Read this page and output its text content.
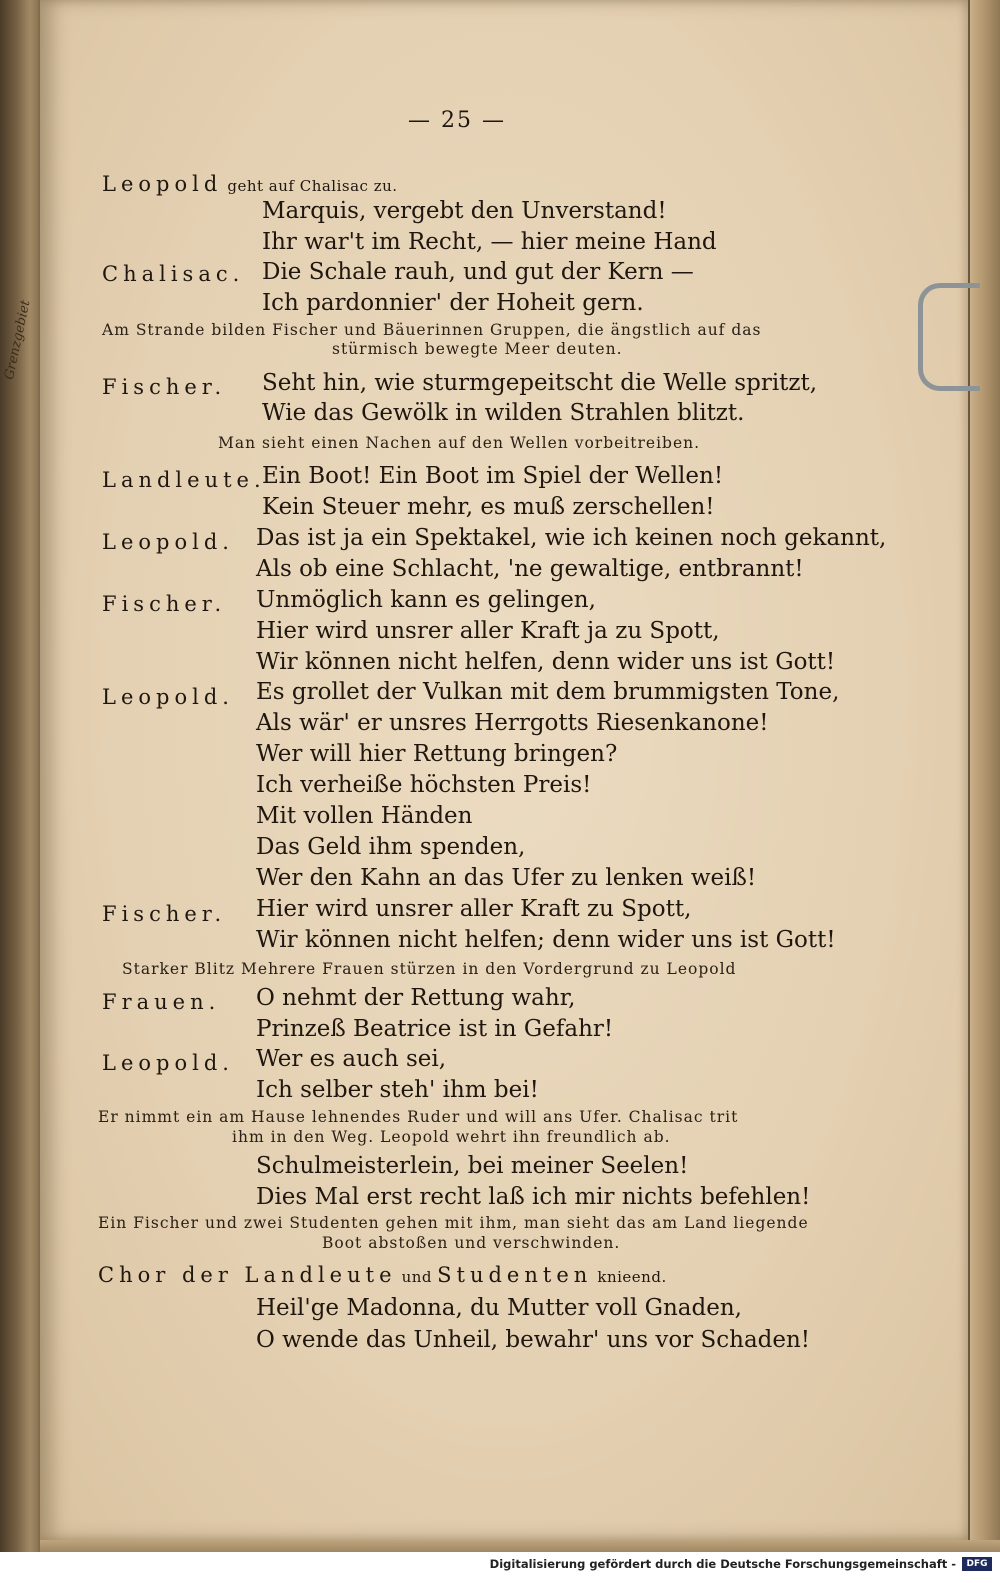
Grenzgebiet
— 25 —
Leopold geht auf Chalisac zu.
Marquis, vergebt den Unverstand!
Ihr war't im Recht, — hier meine Hand
Chalisac. Die Schale rauh, und gut der Kern —
Ich pardonnier' der Hoheit gern.
Am Strande bilden Fischer und Bäuerinnen Gruppen, die ängstlich auf das
stürmisch bewegte Meer deuten.
Fischer. Seht hin, wie sturmgepeitscht die Welle spritzt,
Wie das Gewölk in wilden Strahlen blitzt.
Man sieht einen Nachen auf den Wellen vorbeitreiben.
Landleute.
Ein Boot! Ein Boot im Spiel der Wellen!
Kein Steuer mehr, es muß zerschellen!
Leopold. Das ist ja ein Spektakel, wie ich keinen noch gekannt,
Als ob eine Schlacht, 'ne gewaltige, entbrannt!
Fischer. Unmöglich kann es gelingen,
Hier wird unsrer aller Kraft ja zu Spott,
Wir können nicht helfen, denn wider uns ist Gott!
Leopold. Es grollet der Vulkan mit dem brummigsten Tone,
Als wär' er unsres Herrgotts Riesenkanone!
Wer will hier Rettung bringen?
Ich verheiße höchsten Preis!
Mit vollen Händen
Das Geld ihm spenden,
Wer den Kahn an das Ufer zu lenken weiß!
Fischer. Hier wird unsrer aller Kraft zu Spott,
Wir können nicht helfen; denn wider uns ist Gott!
Starker Blitz Mehrere Frauen stürzen in den Vordergrund zu Leopold
Frauen. O nehmt der Rettung wahr,
Prinzeß Beatrice ist in Gefahr!
Leopold. Wer es auch sei,
Ich selber steh' ihm bei!
Er nimmt ein am Hause lehnendes Ruder und will ans Ufer. Chalisac trit
ihm in den Weg. Leopold wehrt ihn freundlich ab.
Schulmeisterlein, bei meiner Seelen!
Dies Mal erst recht laß ich mir nichts befehlen!
Ein Fischer und zwei Studenten gehen mit ihm, man sieht das am Land liegende
Boot abstoßen und verschwinden.
Chor der Landleute und Studenten knieend.
Heil'ge Madonna, du Mutter voll Gnaden,
O wende das Unheil, bewahr' uns vor Schaden!
Digitalisierung gefördert durch die Deutsche Forschungsgemeinschaft -	DFG
